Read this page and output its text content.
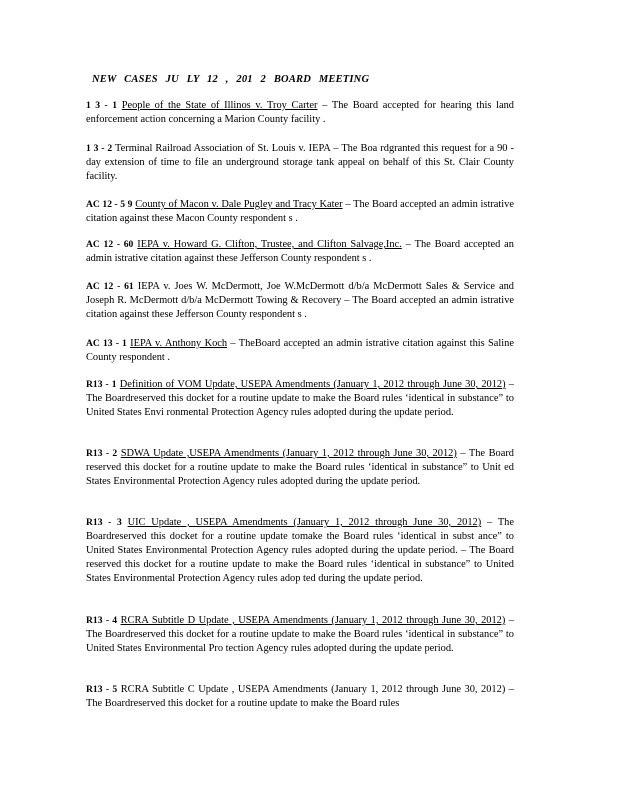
NEW CASES JU LY 12 , 201 2 BOARD MEETING
1 3 - 1 People of the State of Illinos v. Troy Carter – The Board accepted for hearing this land enforcement action concerning a Marion County facility .
1 3 - 2 Terminal Railroad Association of St. Louis v. IEPA – The Boa rdgranted this request for a 90 - day extension of time to file an underground storage tank appeal on behalf of this St. Clair County facility.
AC 12 - 5 9 County of Macon v. Dale Pugley and Tracy Kater – The Board accepted an admin istrative citation against these Macon County respondent s .
AC 12 - 60 IEPA v. Howard G. Clifton, Trustee, and Clifton Salvage,Inc. – The Board accepted an admin istrative citation against these Jefferson County respondent s .
AC 12 - 61 IEPA v. Joes W. McDermott, Joe W.McDermott d/b/a McDermott Sales & Service and Joseph R. McDermott d/b/a McDermott Towing & Recovery – The Board accepted an admin istrative citation against these Jefferson County respondent s .
AC 13 - 1 IEPA v. Anthony Koch – TheBoard accepted an admin istrative citation against this Saline County respondent .
R13 - 1 Definition of VOM Update, USEPA Amendments (January 1, 2012 through June 30, 2012) – The Boardreserved this docket for a routine update to make the Board rules ‘identical in substance” to United States Envi ronmental Protection Agency rules adopted during the update period.
R13 - 2 SDWA Update ,USEPA Amendments (January 1, 2012 through June 30, 2012) – The Board reserved this docket for a routine update to make the Board rules ‘identical in substance” to Unit ed States Environmental Protection Agency rules adopted during the update period.
R13 - 3 UIC Update , USEPA Amendments (January 1, 2012 through June 30, 2012) – The Boardreserved this docket for a routine update tomake the Board rules ‘identical in subst ance” to United States Environmental Protection Agency rules adopted during the update period. – The Board reserved this docket for a routine update to make the Board rules ‘identical in substance” to United States Environmental Protection Agency rules adop ted during the update period.
R13 - 4 RCRA Subtitle D Update , USEPA Amendments (January 1, 2012 through June 30, 2012) – The Boardreserved this docket for a routine update to make the Board rules ‘identical in substance” to United States Environmental Pro tection Agency rules adopted during the update period.
R13 - 5 RCRA Subtitle C Update , USEPA Amendments (January 1, 2012 through June 30, 2012) – The Boardreserved this docket for a routine update to make the Board rules
